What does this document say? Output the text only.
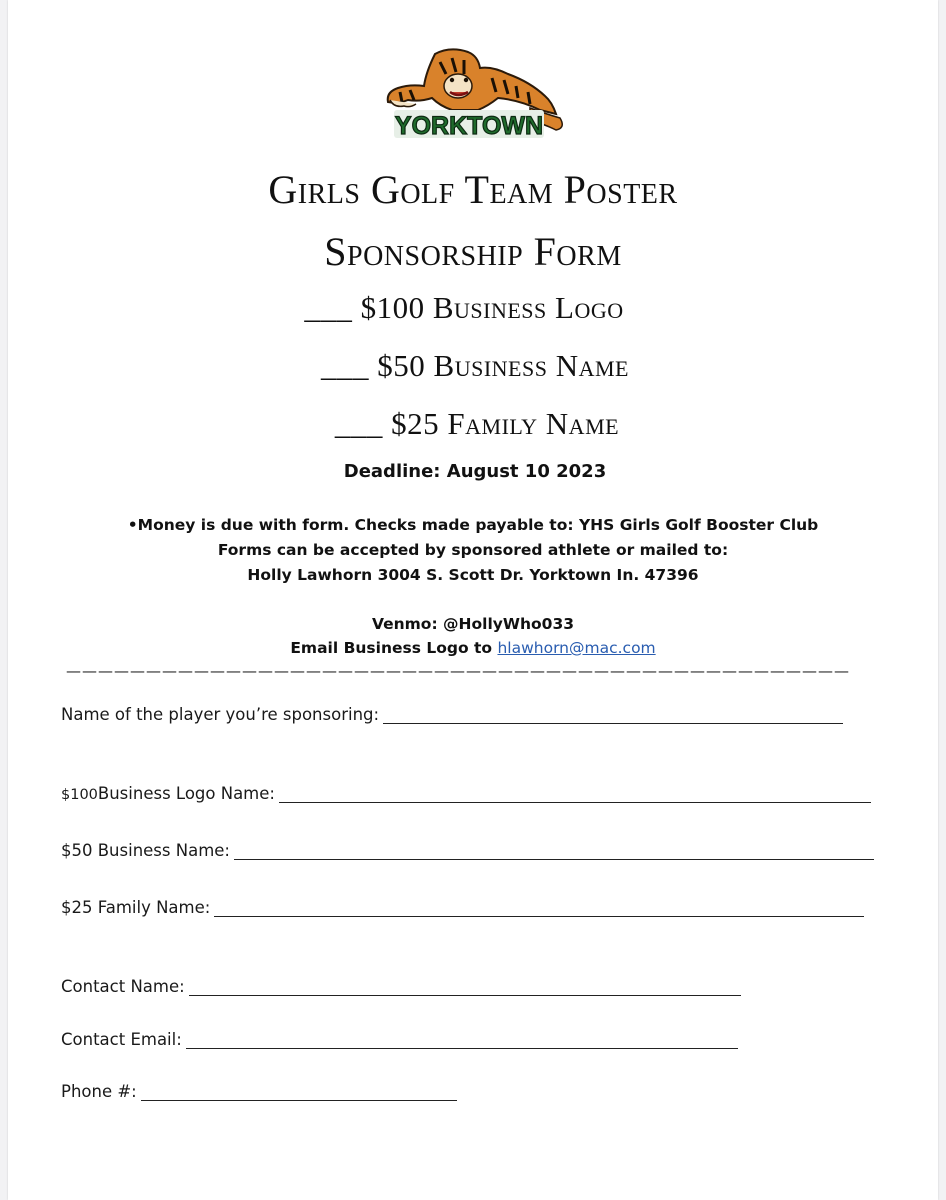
YORKTOWN
Girls Golf Team Poster
Sponsorship Form
___ $100 Business Logo
___ $50 Business Name
___ $25 Family Name
Deadline: August 10 2023
•Money is due with form. Checks made payable to: YHS Girls Golf Booster Club
Forms can be accepted by sponsored athlete or mailed to:
Holly Lawhorn 3004 S. Scott Dr. Yorktown In. 47396
Venmo: @HollyWho033
Email Business Logo to hlawhorn@mac.com
—————————————————————————————————————————————————
Name of the player you’re sponsoring:
$100 Business Logo Name:
$50 Business Name:
$25 Family Name:
Contact Name:
Contact Email:
Phone #:
